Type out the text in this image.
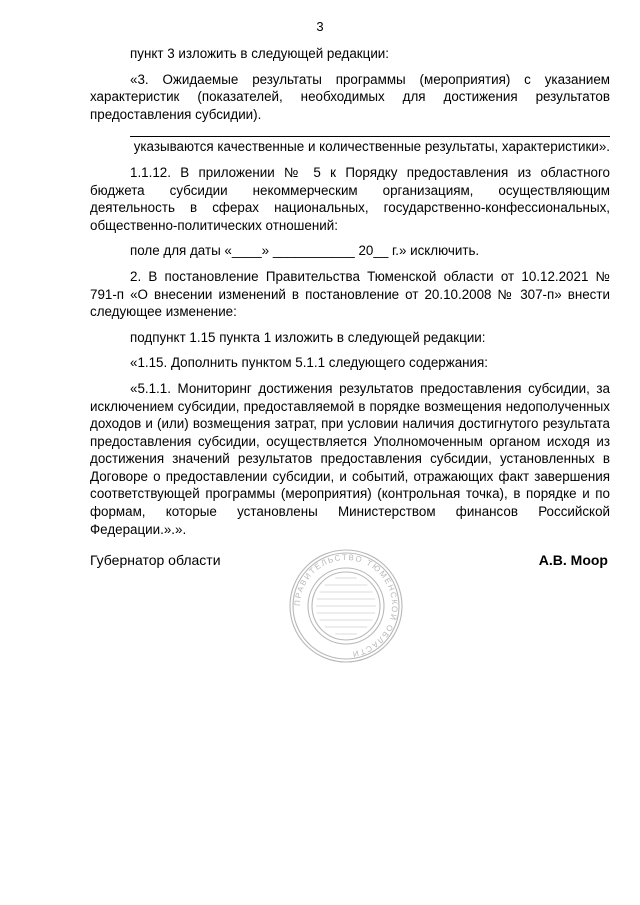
3

пункт 3 изложить в следующей редакции:

«3. Ожидаемые результаты программы (мероприятия) с указанием характеристик (показателей, необходимых для достижения результатов предоставления субсидии).

указываются качественные и количественные результаты, характеристики».

1.1.12. В приложении № 5 к Порядку предоставления из областного бюджета субсидии некоммерческим организациям, осуществляющим деятельность в сферах национальных, государственно-конфессиональных, общественно-политических отношений:

поле для даты «____» ___________ 20__ г.» исключить.

2. В постановление Правительства Тюменской области от 10.12.2021 № 791-п «О внесении изменений в постановление от 20.10.2008 № 307-п» внести следующее изменение:

подпункт 1.15 пункта 1 изложить в следующей редакции:

«1.15. Дополнить пунктом 5.1.1 следующего содержания:

«5.1.1. Мониторинг достижения результатов предоставления субсидии, за исключением субсидии, предоставляемой в порядке возмещения недополученных доходов и (или) возмещения затрат, при условии наличия достигнутого результата предоставления субсидии, осуществляется Уполномоченным органом исходя из достижения значений результатов предоставления субсидии, установленных в Договоре о предоставлении субсидии, и событий, отражающих факт завершения соответствующей программы (мероприятия) (контрольная точка), в порядке и по формам, которые установлены Министерством финансов Российской Федерации.».».

Губернатор области	А.В. Моор
ПРАВИТЕЛЬСТВО ТЮМЕНСКОЙ ОБЛАСТИ
